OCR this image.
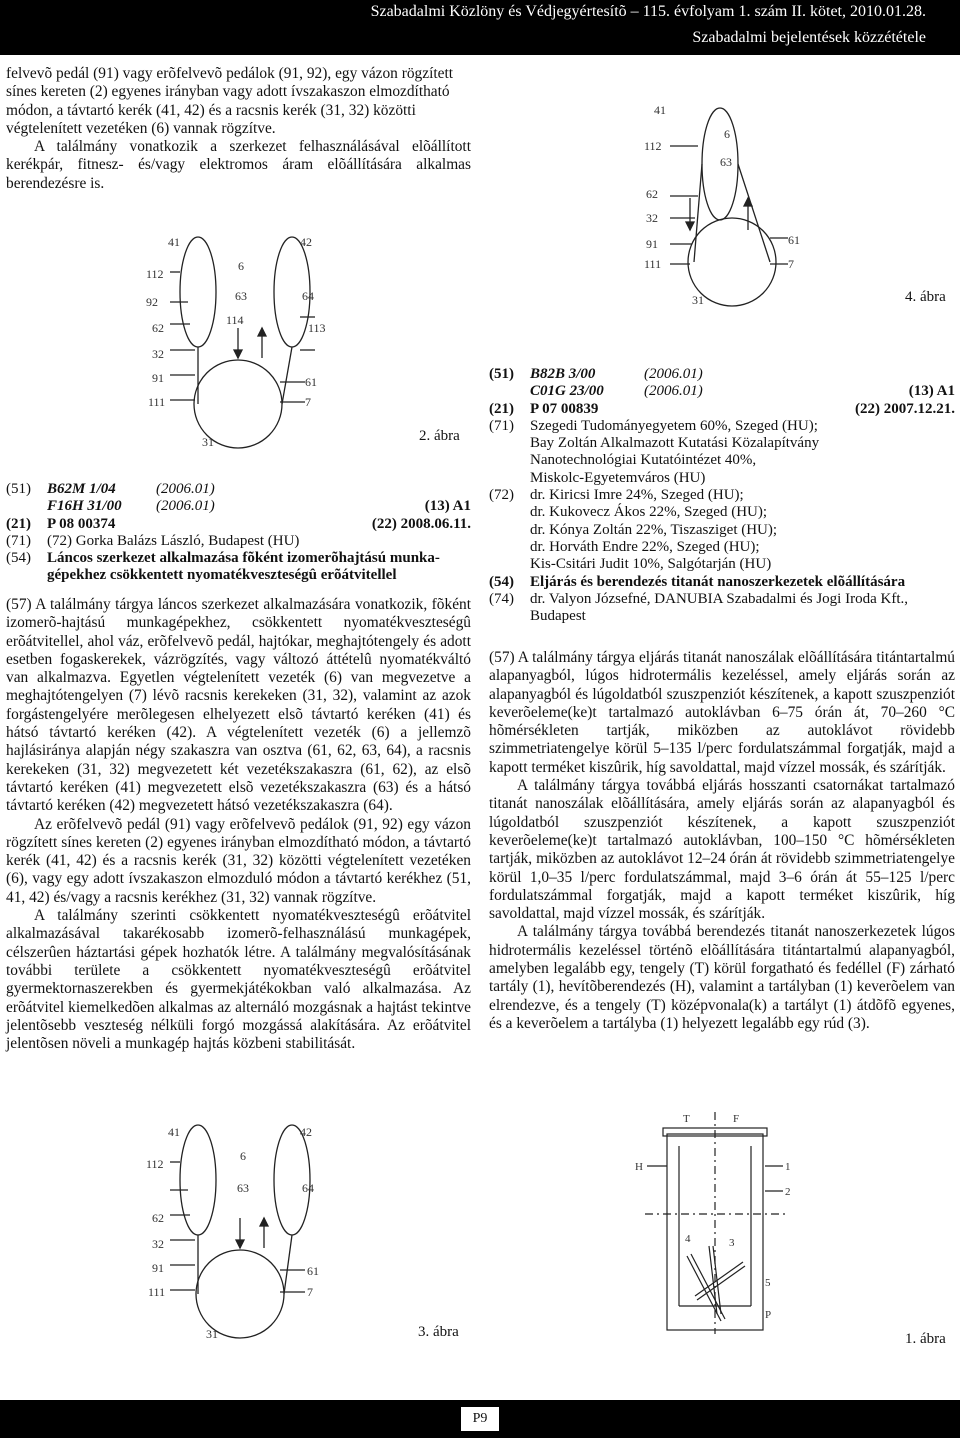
Szabadalmi Közlöny és Védjegyértesítõ – 115. évfolyam 1. szám II. kötet, 2010.01.28.
Szabadalmi bejelentések közzététele

felvevõ pedál (91) vagy erõfelvevõ pedálok (91, 92), egy vázon rögzített

sínes kereten (2) egyenes irányban vagy adott ívszakaszon elmozdítható

módon, a távtartó kerék (41, 42) és a racsnis kerék (31, 32) közötti

végtelenített vezetéken (6) vannak rögzítve.

A találmány vonatkozik a szerkezet felhasználásával elõállított kerékpár, fitnesz- és/vagy elektromos áram elõállítására alkalmas berendezésre is.

41	42
6
112
92	63	64
114
113
62
32
91	61
111	7
31	2. ábra
41
6
112
63
62
32
91	61
111	7
31	4. ábra
(51) B62M 1/04	(2006.01)
F16H 31/00 (2006.01)	(13) A1
(21) P 08 00374	(22) 2008.06.11.
(71) (72) Gorka Balázs László, Budapest (HU)
(54) Láncos szerkezet alkalmazása fõként izomerõhajtású munka-
gépekhez csökkentett nyomatékveszteségû erõátvitellel

(57) A találmány tárgya láncos szerkezet alkalmazására vonatkozik, fõként izomerõ-hajtású munkagépekhez, csökkentett nyomatékveszteségû erõátvitellel, ahol váz, erõfelvevõ pedál, hajtókar, meghajtótengely és adott esetben fogaskerekek, vázrögzítés, vagy változó áttételû nyomatékváltó van alkalmazva. Egyetlen végtelenített vezeték (6) van megvezetve a meghajtótengelyen (7) lévõ racsnis kerekeken (31, 32), valamint az azok forgástengelyére merõlegesen elhelyezett elsõ távtartó keréken (41) és hátsó távtartó keréken (42). A végtelenített vezeték (6) a jellemzõ hajlásiránya alapján négy szakaszra van osztva (61, 62, 63, 64), a racsnis kerekeken (31, 32) megvezetett két vezetékszakaszra (61, 62), az elsõ távtartó keréken (41) megvezetett elsõ vezetékszakaszra (63) és a hátsó távtartó keréken (42) megvezetett hátsó vezetékszakaszra (64).

Az erõfelvevõ pedál (91) vagy erõfelvevõ pedálok (91, 92) egy vázon rögzített sínes kereten (2) egyenes irányban elmozdítható módon, a távtartó kerék (41, 42) és a racsnis kerék (31, 32) közötti végtelenített vezetéken (6), vagy egy adott ívszakaszon elmozduló módon a távtartó kerékhez (51, 41, 42) és/vagy a racsnis kerékhez (31, 32) vannak rögzítve.

A találmány szerinti csökkentett nyomatékveszteségû erõátvitel alkalmazásával takarékosabb izomerõ-felhasználású munkagépek, célszerûen háztartási gépek hozhatók létre. A találmány megvalósításának további területe a csökkentett nyomatékveszteségû erõátvitel gyermektornaszerekben és gyermekjátékokban való alkalmazása. Az erõátvitel kiemelkedõen alkalmas az alternáló mozgásnak a hajtást tekintve jelentõsebb veszteség nélküli forgó mozgássá alakítására. Az erõátvitel jelentõsen növeli a munkagép hajtás közbeni stabilitását.

(51) B82B 3/00	(2006.01)
C01G 23/00	(2006.01)	(13) A1
(21) P 07 00839	(22) 2007.12.21.
(71) Szegedi Tudományegyetem 60%, Szeged (HU);
Bay Zoltán Alkalmazott Kutatási Közalapítvány
Nanotechnológiai Kutatóintézet 40%,
Miskolc-Egyetemváros (HU)
(72) dr. Kiricsi Imre 24%, Szeged (HU);
dr. Kukovecz Ákos 22%, Szeged (HU);
dr. Kónya Zoltán 22%, Tiszasziget (HU);
dr. Horváth Endre 22%, Szeged (HU);
Kis-Csitári Judit 10%, Salgótarján (HU)
(54) Eljárás és berendezés titanát nanoszerkezetek elõállítására
(74) dr. Valyon Józsefné, DANUBIA Szabadalmi és Jogi Iroda Kft.,
Budapest

(57) A találmány tárgya eljárás titanát nanoszálak elõállítására titántartalmú alapanyagból, lúgos hidrotermális kezeléssel, amely eljárás során az alapanyagból és lúgoldatból szuszpenziót készítenek, a kapott szuszpenziót keverõeleme(ke)t tartalmazó autoklávban 6–75 órán át, 70–260 °C hõmérsékleten tartják, miközben az autoklávot rövidebb szimmetriatengelye körül 5–135 l/perc fordulatszámmal forgatják, majd a kapott terméket kiszûrik, híg savoldattal, majd vízzel mossák, és szárítják.

A találmány tárgya továbbá eljárás hosszanti csatornákat tartalmazó titanát nanoszálak elõállítására, amely eljárás során az alapanyagból és lúgoldatból szuszpenziót készítenek, a kapott szuszpenziót keverõeleme(ke)t tartalmazó autoklávban, 100–150 °C hõmérsékleten tartják, miközben az autoklávot 12–24 órán át rövidebb szimmetriatengelye körül 1,0–35 l/perc fordulatszámmal, majd 3–6 órán át 55–125 l/perc fordulatszámmal forgatják, majd a kapott terméket kiszûrik, híg savoldattal, majd vízzel mossák, és szárítják.

A találmány tárgya továbbá berendezés titanát nanoszerkezetek lúgos hidrotermális kezeléssel történõ elõállítására titántartalmú alapanyagból, amelyben legalább egy, tengely (T) körül forgatható és fedéllel (F) zárható tartály (1), hevítõberendezés (H), valamint a tartályban (1) keverõelem van elrendezve, és a tengely (T) középvonala(k) a tartályt (1) átdõfõ egyenes, és a keverõelem a tartályba (1) helyezett legalább egy rúd (3).

41	42
6
112
63	64
62
32
91	61
111	7
31	3. ábra
T	F
1
2
H
3
4
5
P
1. ábra
P9
